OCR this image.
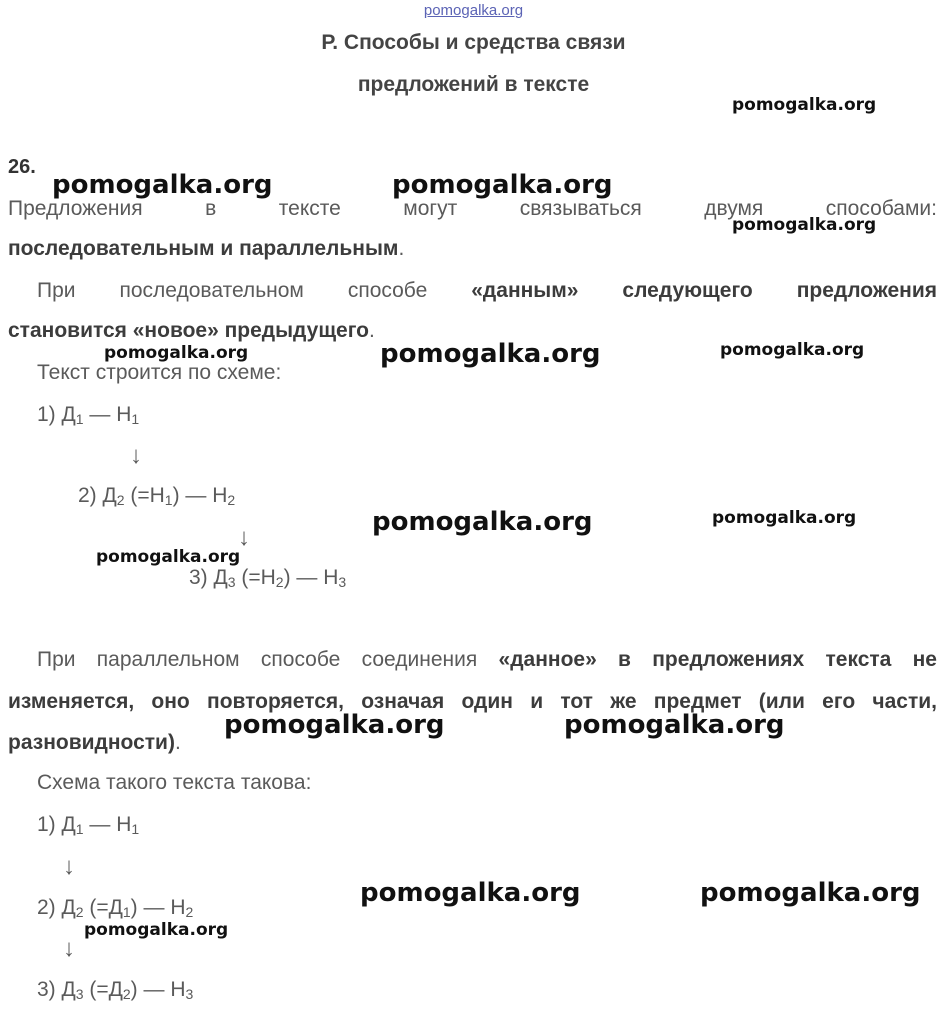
pomogalka.org
Р. Способы и средства связи
предложений в тексте
26.
Предложения в тексте могут связываться двумя способами:
последовательным и параллельным.
При последовательном способе «данным» следующего предложения
становится «новое» предыдущего.
Текст строится по схеме:
1) $Д_1$ — $Н_1$
↓
2) $Д_2$ $(=Н_1)$ — $Н_2$
↓
3) $Д_3$ $(=Н_2)$ — $Н_3$
При параллельном способе соединения «данное» в предложениях текста не
изменяется, оно повторяется, означая один и тот же предмет (или его части,
разновидности).
Схема такого текста такова:
1) $Д_1$ — $Н_1$
↓
2) $Д_2$ $(=Д_1)$ — $Н_2$
↓
3) $Д_3$ $(=Д_2)$ — $Н_3$
pomogalka.org
pomogalka.org	pomogalka.org
pomogalka.org
pomogalka.org	pomogalka.org	pomogalka.org
pomogalka.org	pomogalka.org
pomogalka.org
pomogalka.org	pomogalka.org
pomogalka.org	pomogalka.org
pomogalka.org
